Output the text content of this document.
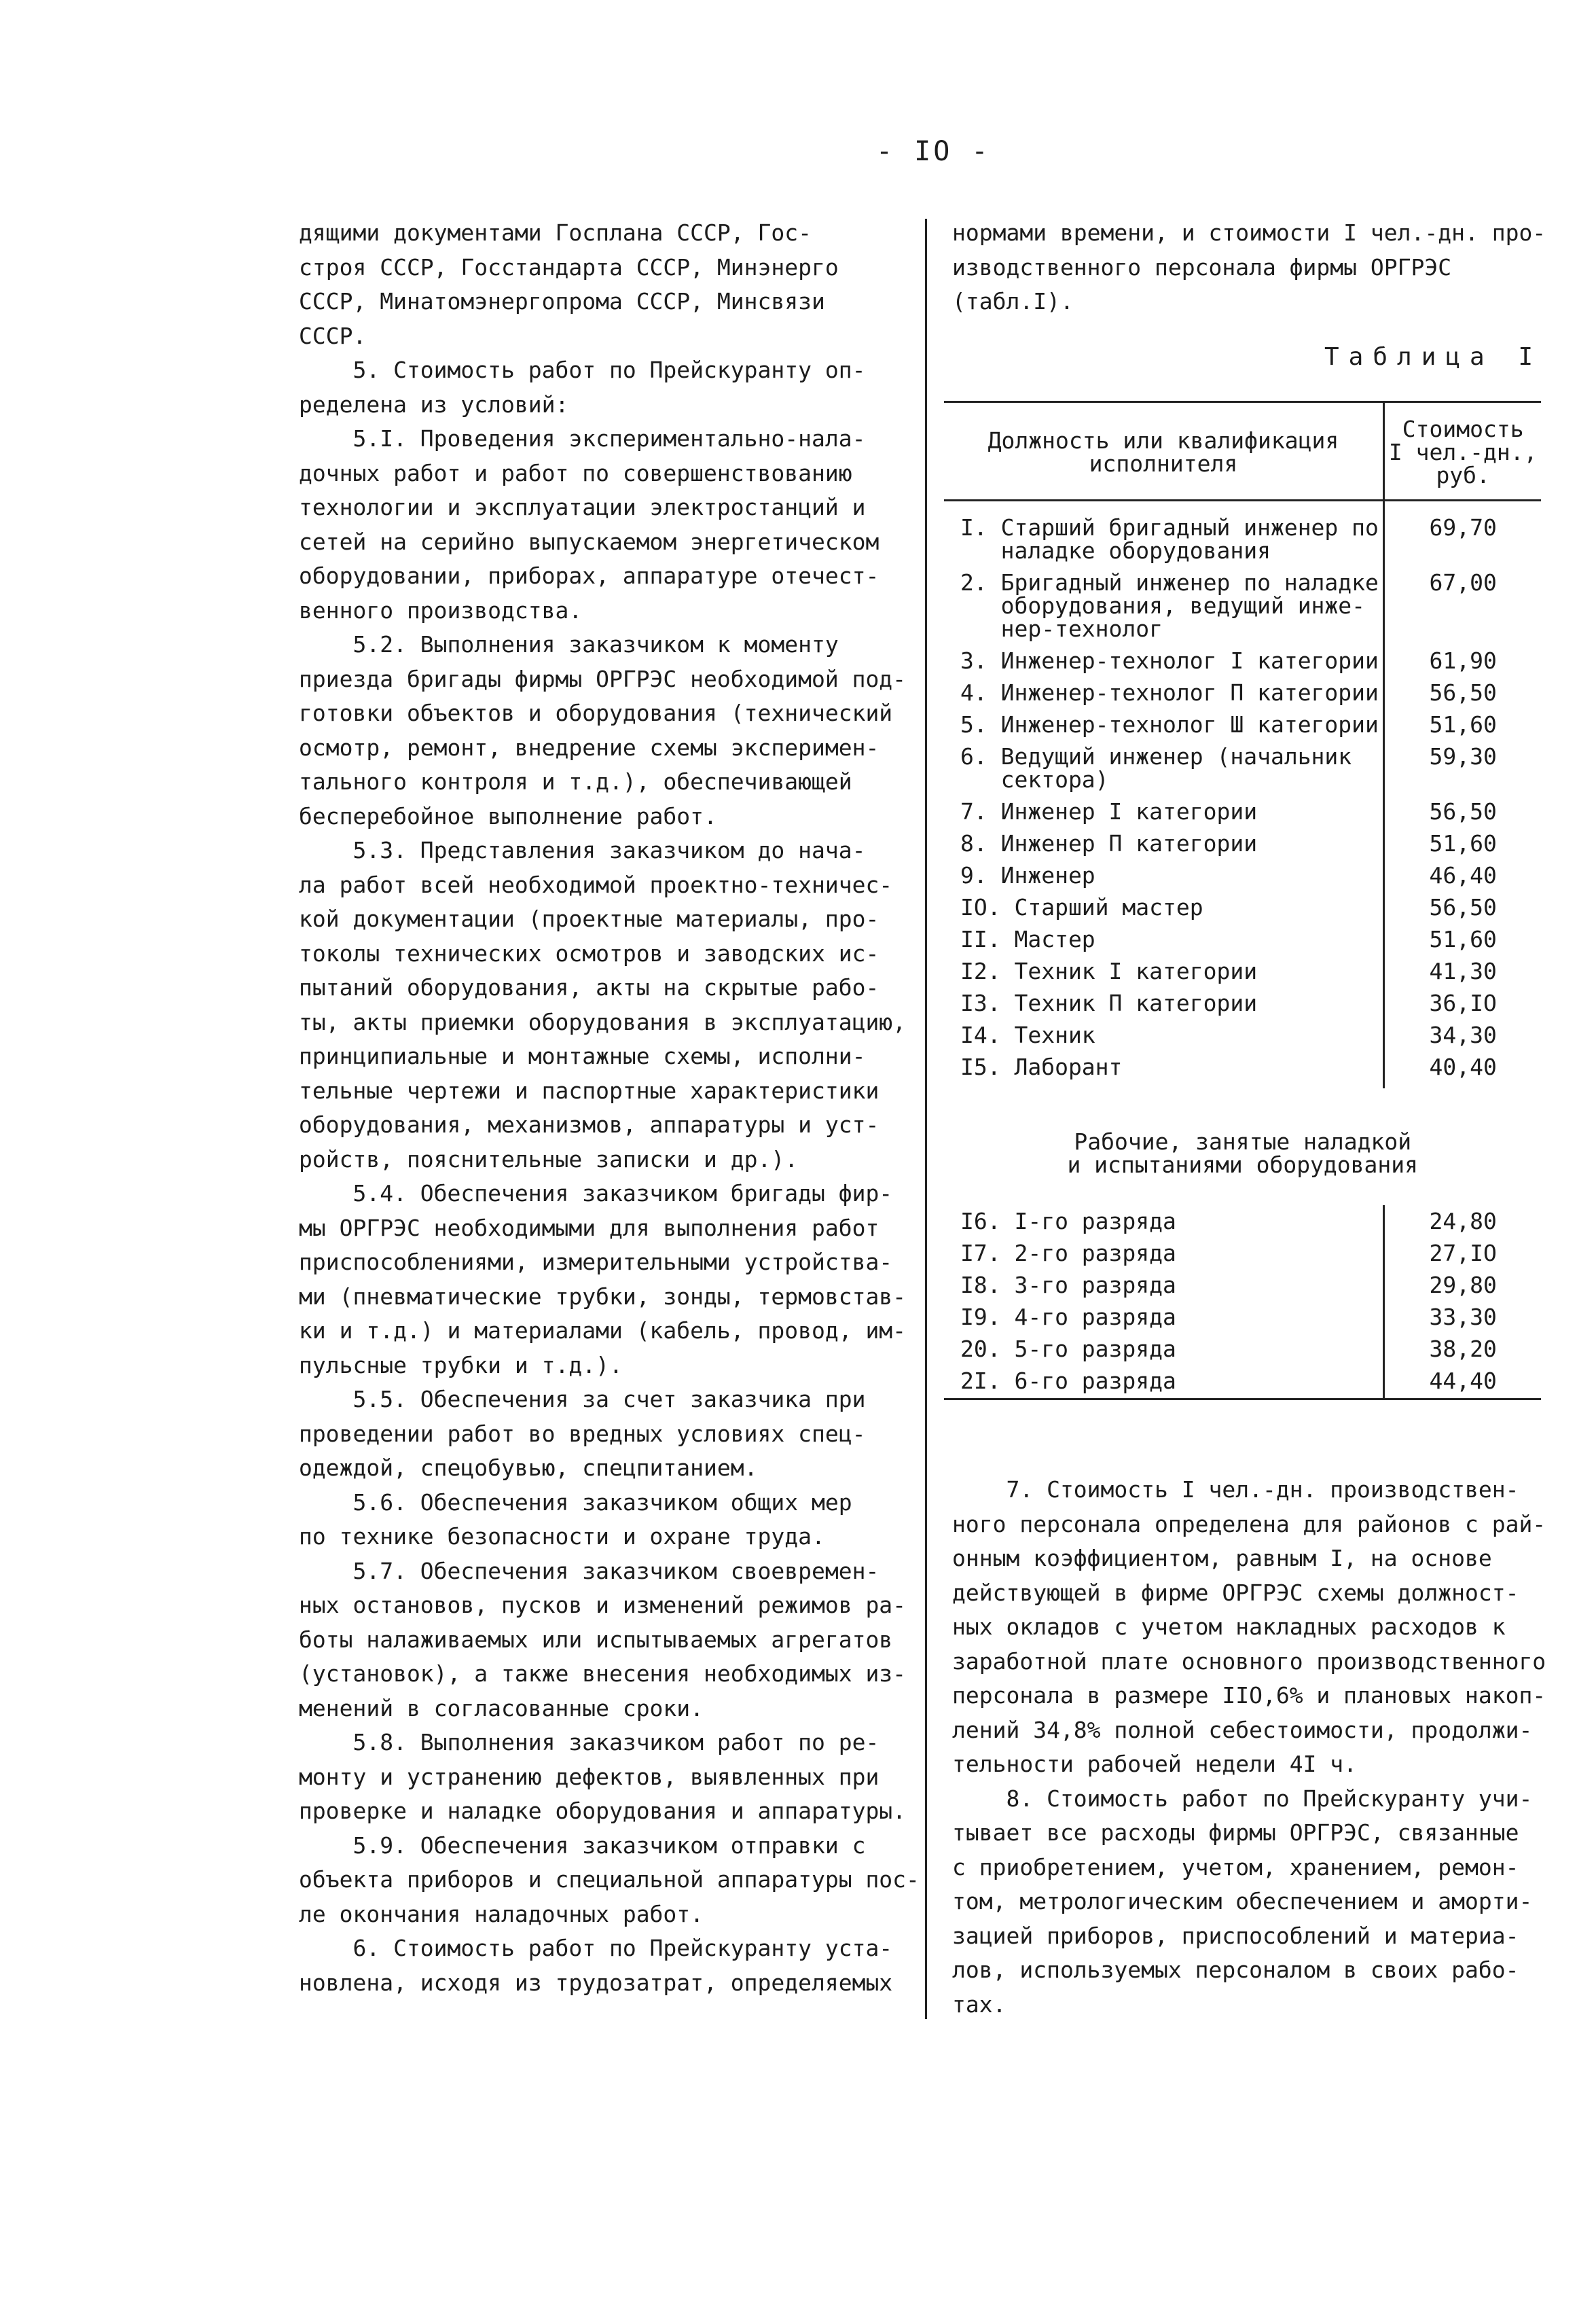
- IO -

дящими документами Госплана СССР, Гос-

строя СССР, Госстандарта СССР, Минэнерго

СССР, Минатомэнергопрома СССР, Минсвязи

СССР.

5. Стоимость работ по Прейскуранту оп-

ределена из условий:

5.I. Проведения экспериментально-нала-

дочных работ и работ по совершенствованию

технологии и эксплуатации электростанций и

сетей на серийно выпускаемом энергетическом

оборудовании, приборах, аппаратуре отечест-

венного производства.

5.2. Выполнения заказчиком к моменту

приезда бригады фирмы ОРГРЭС необходимой под-

готовки объектов и оборудования (технический

осмотр, ремонт, внедрение схемы эксперимен-

тального контроля и т.д.), обеспечивающей

бесперебойное выполнение работ.

5.3. Представления заказчиком до нача-

ла работ всей необходимой проектно-техничес-

кой документации (проектные материалы, про-

токолы технических осмотров и заводских ис-

пытаний оборудования, акты на скрытые рабо-

ты, акты приемки оборудования в эксплуатацию,

принципиальные и монтажные схемы, исполни-

тельные чертежи и паспортные характеристики

оборудования, механизмов, аппаратуры и уст-

ройств, пояснительные записки и др.).

5.4. Обеспечения заказчиком бригады фир-

мы ОРГРЭС необходимыми для выполнения работ

приспособлениями, измерительными устройства-

ми (пневматические трубки, зонды, термовстав-

ки и т.д.) и материалами (кабель, провод, им-

пульсные трубки и т.д.).

5.5. Обеспечения за счет заказчика при

проведении работ во вредных условиях спец-

одеждой, спецобувью, спецпитанием.

5.6. Обеспечения заказчиком общих мер

по технике безопасности и охране труда.

5.7. Обеспечения заказчиком своевремен-

ных остановов, пусков и изменений режимов ра-

боты налаживаемых или испытываемых агрегатов

(установок), а также внесения необходимых из-

менений в согласованные сроки.

5.8. Выполнения заказчиком работ по ре-

монту и устранению дефектов, выявленных при

проверке и наладке оборудования и аппаратуры.

5.9. Обеспечения заказчиком отправки с

объекта приборов и специальной аппаратуры пос-

ле окончания наладочных работ.

6. Стоимость работ по Прейскуранту уста-

новлена, исходя из трудозатрат, определяемых

нормами времени, и стоимости I чел.-дн. про-

изводственного персонала фирмы ОРГРЭС

(табл.I).

Таблица I
Должность или квалификация
исполнителя	Стоимость
I чел.-дн.,
руб.
I. Старший бригадный инженер по
наладке оборудования	69,70
2. Бригадный инженер по наладке
оборудования, ведущий инже-
нер-технолог	67,00
3. Инженер-технолог I категории	61,90
4. Инженер-технолог П категории	56,50
5. Инженер-технолог Ш категории	51,60
6. Ведущий инженер (начальник
сектора)	59,30
7. Инженер I категории	56,50
8. Инженер П категории	51,60
9. Инженер	46,40
IO. Старший мастер	56,50
II. Мастер	51,60
I2. Техник I категории	41,30
I3. Техник П категории	36,IO
I4. Техник	34,30
I5. Лаборант	40,40
Рабочие, занятые наладкой
и испытаниями оборудования	
I6. I-го разряда	24,80
I7. 2-го разряда	27,IO
I8. 3-го разряда	29,80
I9. 4-го разряда	33,30
20. 5-го разряда	38,20
2I. 6-го разряда	44,40

7. Стоимость I чел.-дн. производствен-

ного персонала определена для районов с рай-

онным коэффициентом, равным I, на основе

действующей в фирме ОРГРЭС схемы должност-

ных окладов с учетом накладных расходов к

заработной плате основного производственного

персонала в размере IIO,6% и плановых накоп-

лений 34,8% полной себестоимости, продолжи-

тельности рабочей недели 4I ч.

8. Стоимость работ по Прейскуранту учи-

тывает все расходы фирмы ОРГРЭС, связанные

с приобретением, учетом, хранением, ремон-

том, метрологическим обеспечением и аморти-

зацией приборов, приспособлений и материа-

лов, используемых персоналом в своих рабо-

тах.
